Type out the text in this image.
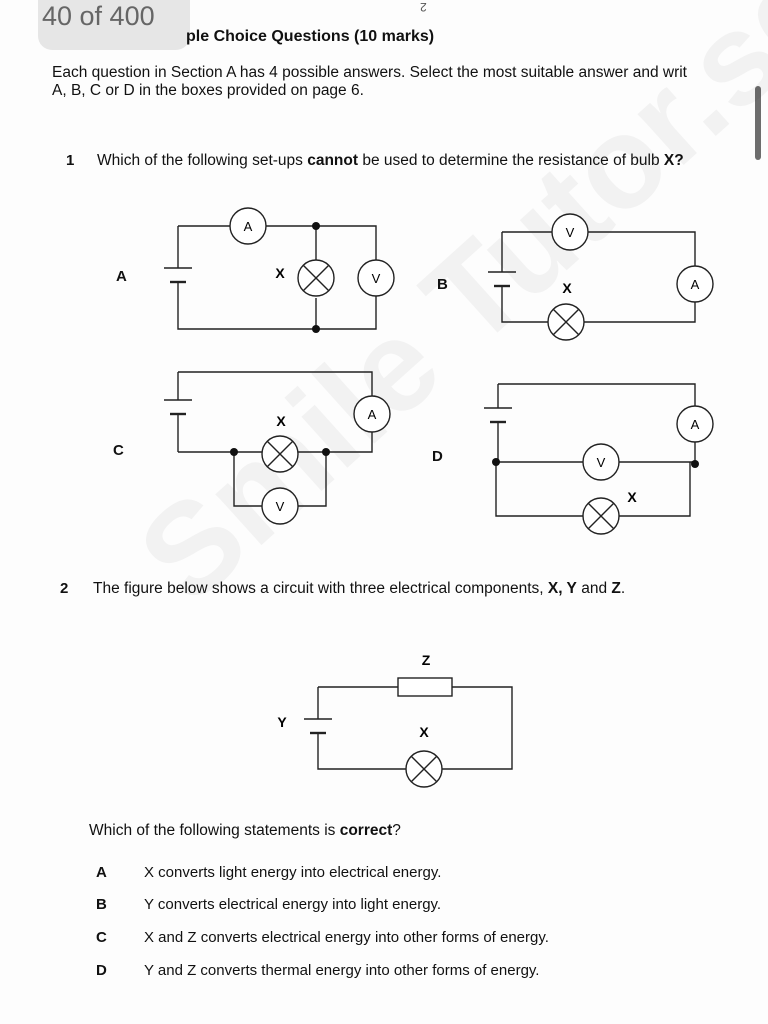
40 of 400	2
ple Choice Questions (10 marks)

Each question in Section A has 4 possible answers. Select the most suitable answer and writ

A, B, C or D in the boxes provided on page 6.

1 Which of the following set-ups cannot be used to determine the resistance of bulb X?
A	B
C	D
A
V
X
V
A
X
A
V
X	A
V
X
2 The figure below shows a circuit with three electrical components, X, Y and Z.
Z
Y
X
Which of the following statements is correct?
A X converts light energy into electrical energy.
B Y converts electrical energy into light energy.
C X and Z converts electrical energy into other forms of energy.
D Y and Z converts thermal energy into other forms of energy.
